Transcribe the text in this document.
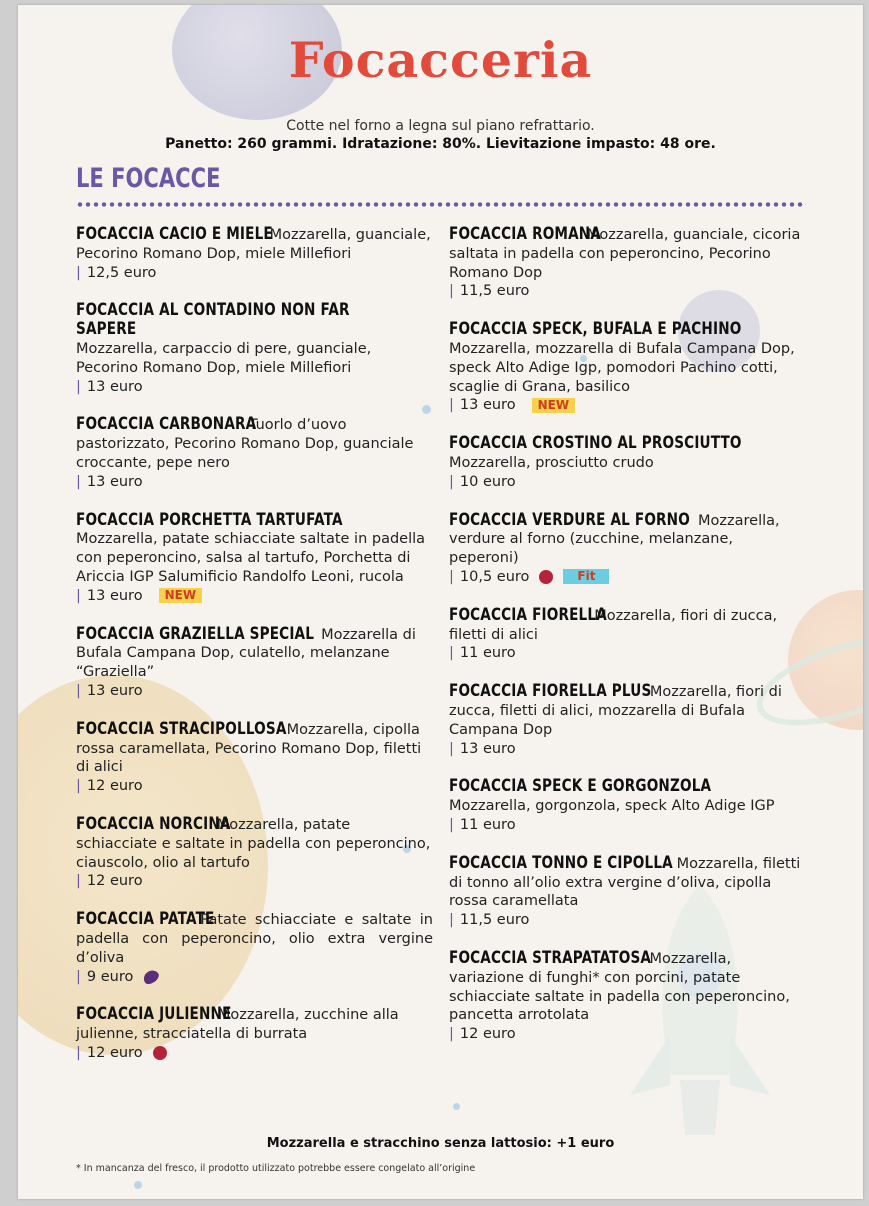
Focacceria
Cotte nel forno a legna sul piano refrattario.
Panetto: 260 grammi. Idratazione: 80%. Lievitazione impasto: 48 ore.
LE FOCACCE
FOCACCIA CACIO E MIELE Mozzarella, guanciale, Pecorino Romano Dop, miele Millefiori
| 12,5 euro
FOCACCIA AL CONTADINO NON FAR SAPERE Mozzarella, carpaccio di pere, guanciale, Pecorino Romano Dop, miele Millefiori
| 13 euro
FOCACCIA CARBONARA Tuorlo d’uovo pastorizzato, Pecorino Romano Dop, guanciale croccante, pepe nero
| 13 euro
FOCACCIA PORCHETTA TARTUFATA Mozzarella, patate schiacciate saltate in padella con peperoncino, salsa al tartufo, Porchetta di Ariccia IGP Salumificio Randolfo Leoni, rucola
| 13 euro NEW
FOCACCIA GRAZIELLA SPECIAL Mozzarella di Bufala Campana Dop, culatello, melanzane “Graziella”
| 13 euro
FOCACCIA STRACIPOLLOSA Mozzarella, cipolla rossa caramellata, Pecorino Romano Dop, filetti di alici
| 12 euro
FOCACCIA NORCINA Mozzarella, patate schiacciate e saltate in padella con peperoncino, ciauscolo, olio al tartufo
| 12 euro
FOCACCIA PATATE Patate schiacciate e saltate in padella con peperoncino, olio extra vergine d’oliva
| 9 euro
FOCACCIA JULIENNE Mozzarella, zucchine alla julienne, stracciatella di burrata
| 12 euro
FOCACCIA ROMANA Mozzarella, guanciale, cicoria saltata in padella con peperoncino, Pecorino Romano Dop
| 11,5 euro
FOCACCIA SPECK, BUFALA E PACHINO Mozzarella, mozzarella di Bufala Campana Dop, speck Alto Adige Igp, pomodori Pachino cotti, scaglie di Grana, basilico
| 13 euro NEW
FOCACCIA CROSTINO AL PROSCIUTTO Mozzarella, prosciutto crudo
| 10 euro
FOCACCIA VERDURE AL FORNO Mozzarella, verdure al forno (zucchine, melanzane, peperoni)
| 10,5 euro	Fit
FOCACCIA FIORELLA Mozzarella, fiori di zucca, filetti di alici
| 11 euro
FOCACCIA FIORELLA PLUS Mozzarella, fiori di zucca, filetti di alici, mozzarella di Bufala Campana Dop
| 13 euro
FOCACCIA SPECK E GORGONZOLA Mozzarella, gorgonzola, speck Alto Adige IGP
| 11 euro
FOCACCIA TONNO E CIPOLLA Mozzarella, filetti di tonno all’olio extra vergine d’oliva, cipolla rossa caramellata
| 11,5 euro
FOCACCIA STRAPATATOSA Mozzarella, variazione di funghi* con porcini, patate schiacciate saltate in padella con peperoncino, pancetta arrotolata
| 12 euro
Mozzarella e stracchino senza lattosio: +1 euro
* In mancanza del fresco, il prodotto utilizzato potrebbe essere congelato all’origine
